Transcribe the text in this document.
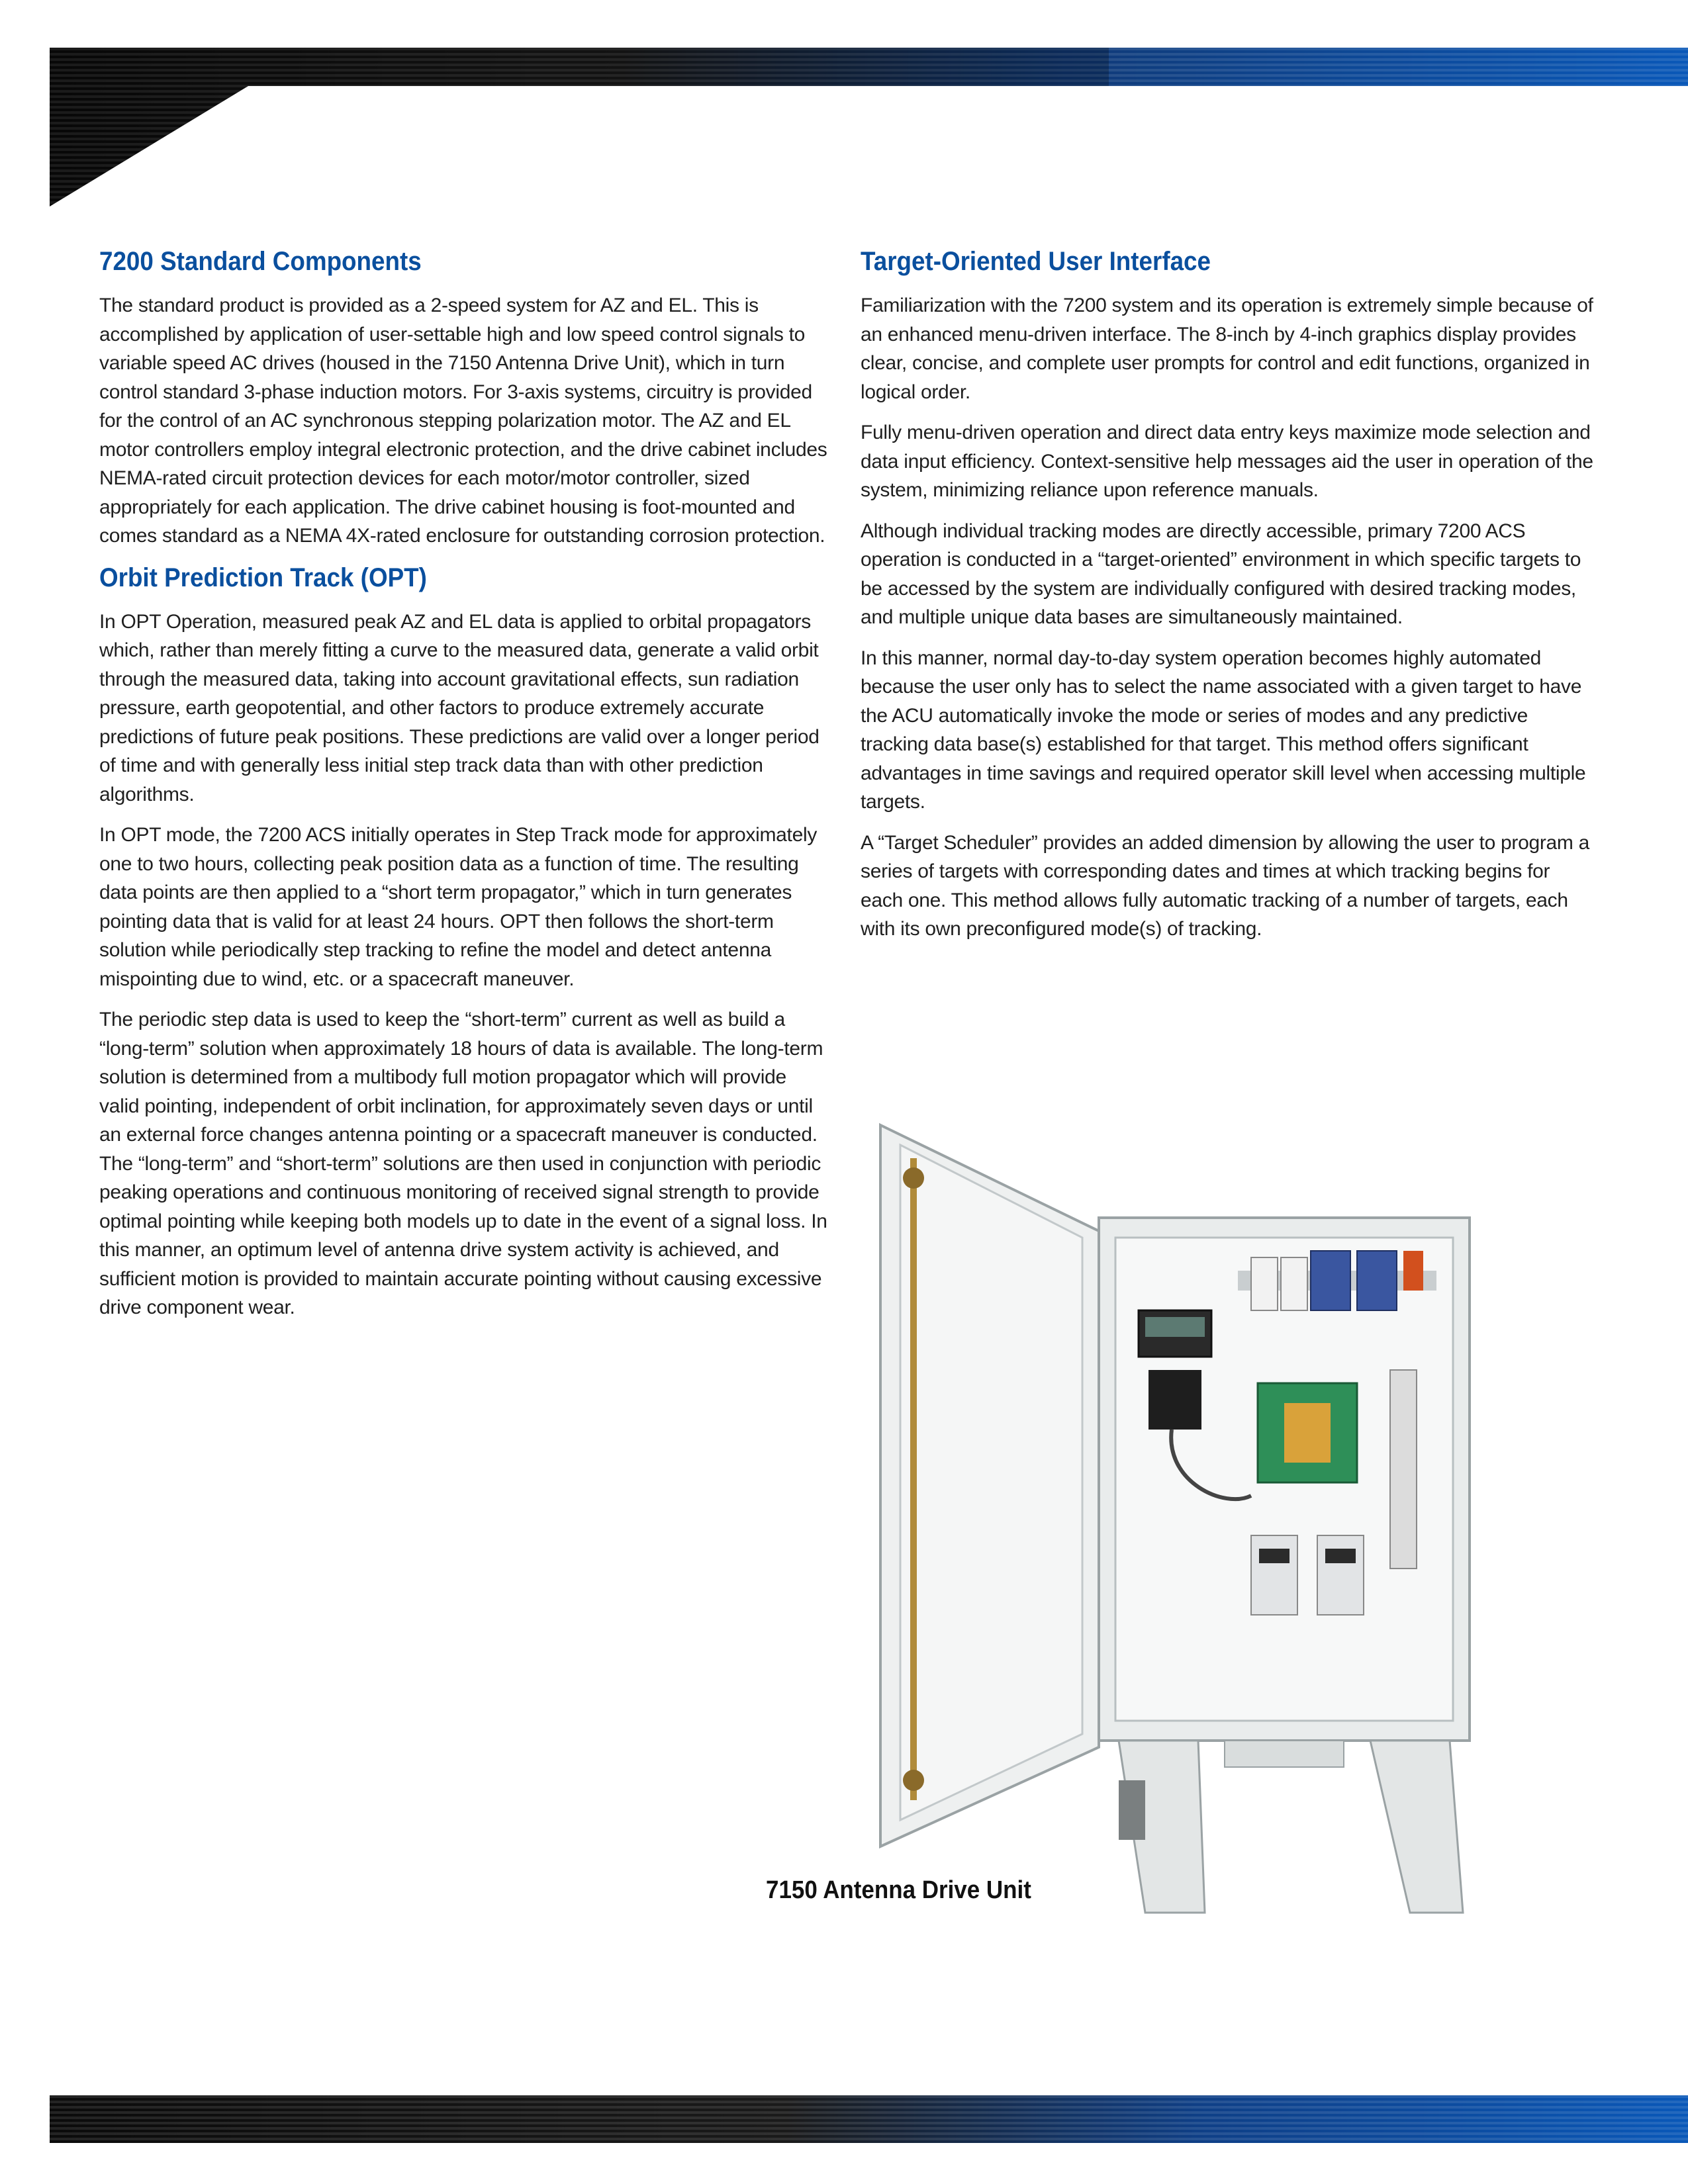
7200 Standard Components

The standard product is provided as a 2-speed system for AZ and EL. This is accomplished by application of user-settable high and low speed control signals to variable speed AC drives (housed in the 7150 Antenna Drive Unit), which in turn control standard 3-phase induction motors. For 3-axis systems, circuitry is provided for the control of an AC synchronous stepping polarization motor. The AZ and EL motor controllers employ integral electronic protection, and the drive cabinet includes NEMA-rated circuit protection devices for each motor/motor controller, sized appropriately for each application. The drive cabinet housing is foot-mounted and comes standard as a NEMA 4X-rated enclosure for outstanding corrosion protection.

Orbit Prediction Track (OPT)

In OPT Operation, measured peak AZ and EL data is applied to orbital propagators which, rather than merely fitting a curve to the measured data, generate a valid orbit through the measured data, taking into account gravitational effects, sun radiation pressure, earth geopotential, and other factors to produce extremely accurate predictions of future peak positions. These predictions are valid over a longer period of time and with generally less initial step track data than with other prediction algorithms.

In OPT mode, the 7200 ACS initially operates in Step Track mode for approximately one to two hours, collecting peak position data as a function of time. The resulting data points are then applied to a “short term propagator,” which in turn generates pointing data that is valid for at least 24 hours. OPT then follows the short-term solution while periodically step tracking to refine the model and detect antenna mispointing due to wind, etc. or a spacecraft maneuver.

The periodic step data is used to keep the “short-term” current as well as build a “long-term” solution when approximately 18 hours of data is available. The long-term solution is determined from a multibody full motion propagator which will provide valid pointing, independent of orbit inclination, for approximately seven days or until an external force changes antenna pointing or a spacecraft maneuver is conducted. The “long-term” and “short-term” solutions are then used in conjunction with periodic peaking operations and continuous monitoring of received signal strength to provide optimal pointing while keeping both models up to date in the event of a signal loss. In this manner, an optimum level of antenna drive system activity is achieved, and sufficient motion is provided to maintain accurate pointing without causing excessive drive component wear.

Target-Oriented User Interface

Familiarization with the 7200 system and its operation is extremely simple because of an enhanced menu-driven interface. The 8-inch by 4-inch graphics display provides clear, concise, and complete user prompts for control and edit functions, organized in logical order.

Fully menu-driven operation and direct data entry keys maximize mode selection and data input efficiency. Context-sensitive help messages aid the user in operation of the system, minimizing reliance upon reference manuals.

Although individual tracking modes are directly accessible, primary 7200 ACS operation is conducted in a “target-oriented” environment in which specific targets to be accessed by the system are individually configured with desired tracking modes, and multiple unique data bases are simultaneously maintained.

In this manner, normal day-to-day system operation becomes highly automated because the user only has to select the name associated with a given target to have the ACU automatically invoke the mode or series of modes and any predictive tracking data base(s) established for that target. This method offers significant advantages in time savings and required operator skill level when accessing multiple targets.

A “Target Scheduler” provides an added dimension by allowing the user to program a series of targets with corresponding dates and times at which tracking begins for each one. This method allows fully automatic tracking of a number of targets, each with its own preconfigured mode(s) of tracking.

7150 Antenna Drive Unit
